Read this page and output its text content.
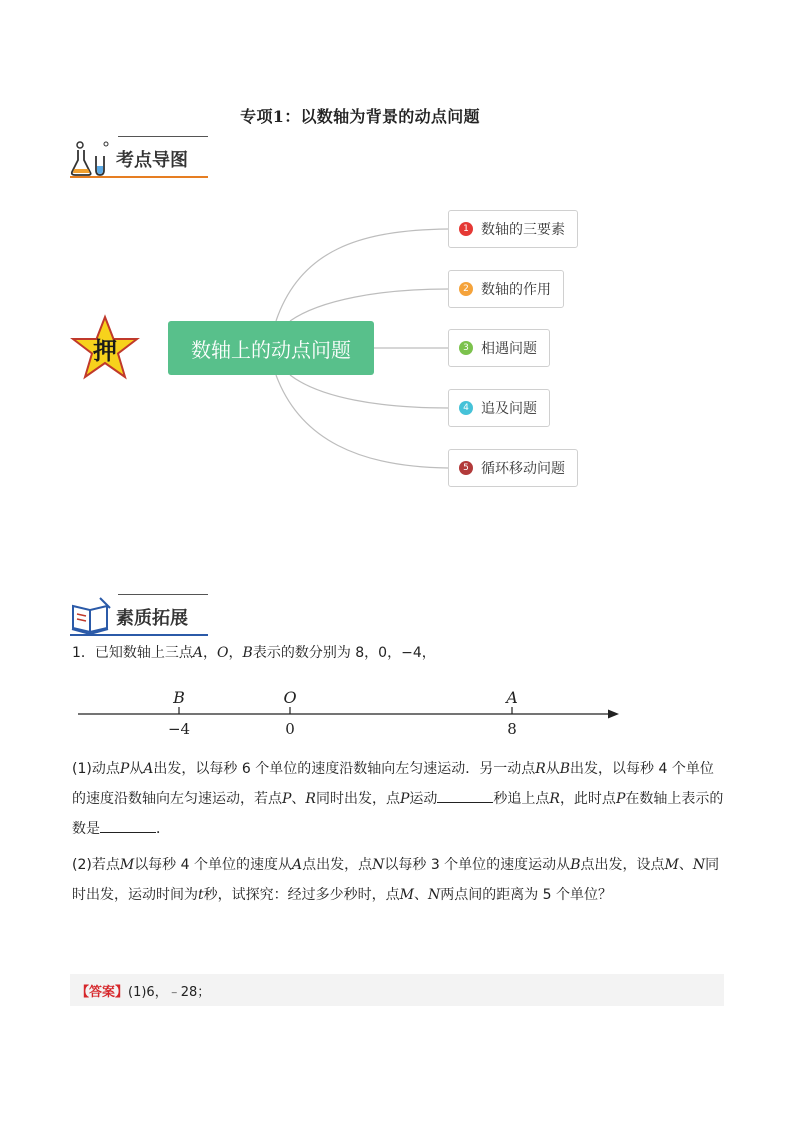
专项1：以数轴为背景的动点问题
考点导图
押	数轴上的动点问题
1 数轴的三要素
2 数轴的作用
3 相遇问题
4 追及问题
5 循环移动问题
素质拓展
1．已知数轴上三点A，O，B表示的数分别为 8，0，−4，
B
−4
O
0
A
8
(1)动点P从A出发，以每秒 6 个单位的速度沿数轴向左匀速运动．另一动点R从B出发，以每秒 4 个单位的速度沿数轴向左匀速运动，若点P、R同时出发，点P运动	秒追上点R，此时点P在数轴上表示的数是	．
(2)若点M以每秒 4 个单位的速度从A点出发，点N以每秒 3 个单位的速度运动从B点出发，设点M、N同时出发，运动时间为t秒，试探究：经过多少秒时，点M、N两点间的距离为 5 个单位？
【答案】 (1)6，﹣28；
